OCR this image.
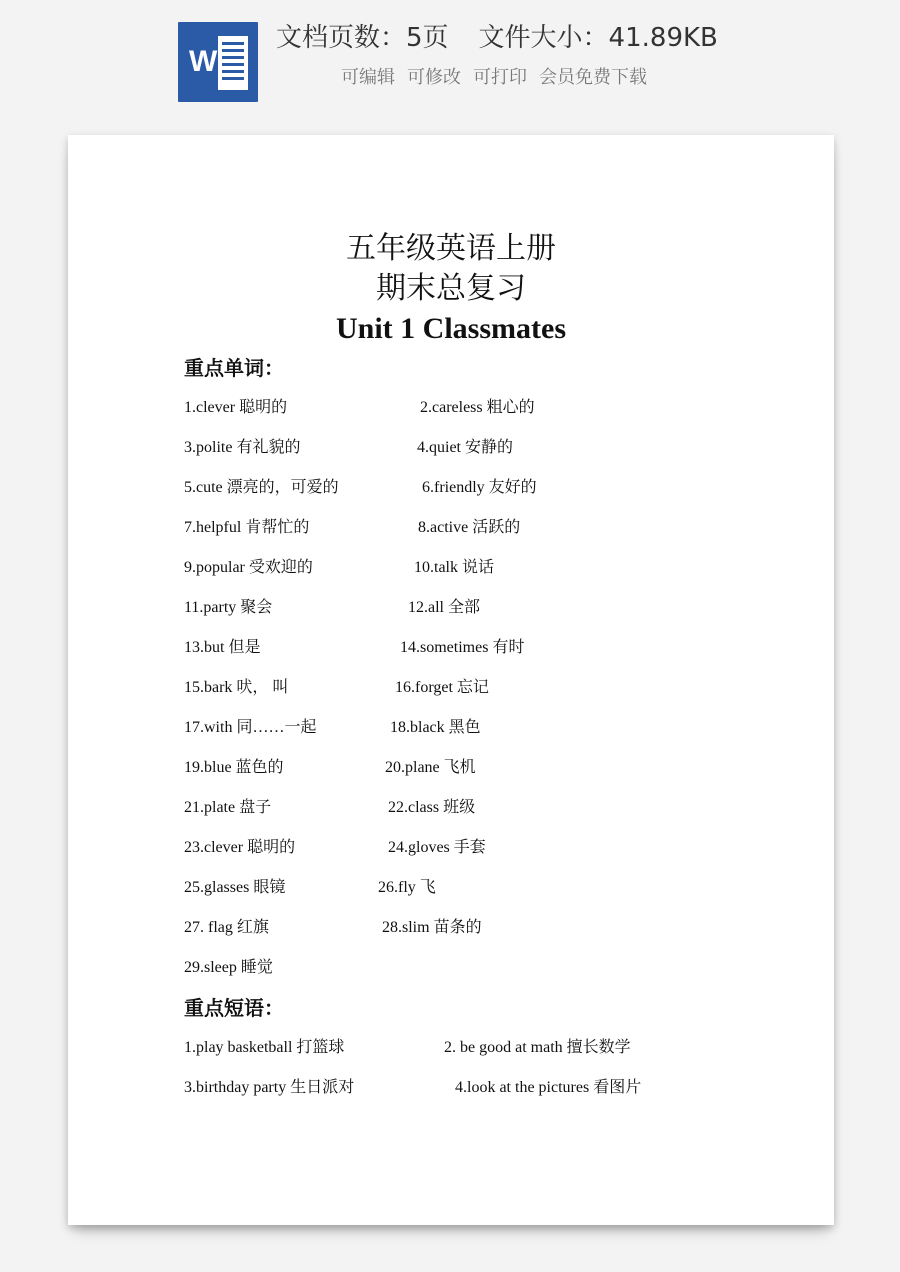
W
文档页数：5页 文件大小：41.89KB
可编辑 可修改 可打印 会员免费下载
五年级英语上册
期末总复习
Unit 1 Classmates
重点单词：
1.clever 聪明的	2.careless 粗心的
3.polite 有礼貌的	4.quiet 安静的
5.cute 漂亮的，可爱的	6.friendly 友好的
7.helpful 肯帮忙的	8.active 活跃的
9.popular 受欢迎的	10.talk 说话
11.party 聚会	12.all 全部
13.but 但是	14.sometimes 有时
15.bark 吠， 叫	16.forget 忘记
17.with 同……一起	18.black 黑色
19.blue 蓝色的	20.plane 飞机
21.plate 盘子	22.class 班级
23.clever 聪明的	24.gloves 手套
25.glasses 眼镜	26.fly 飞
27. flag 红旗	28.slim 苗条的
29.sleep 睡觉
重点短语：
1.play basketball 打篮球	2. be good at math 擅长数学
3.birthday party 生日派对	4.look at the pictures 看图片
